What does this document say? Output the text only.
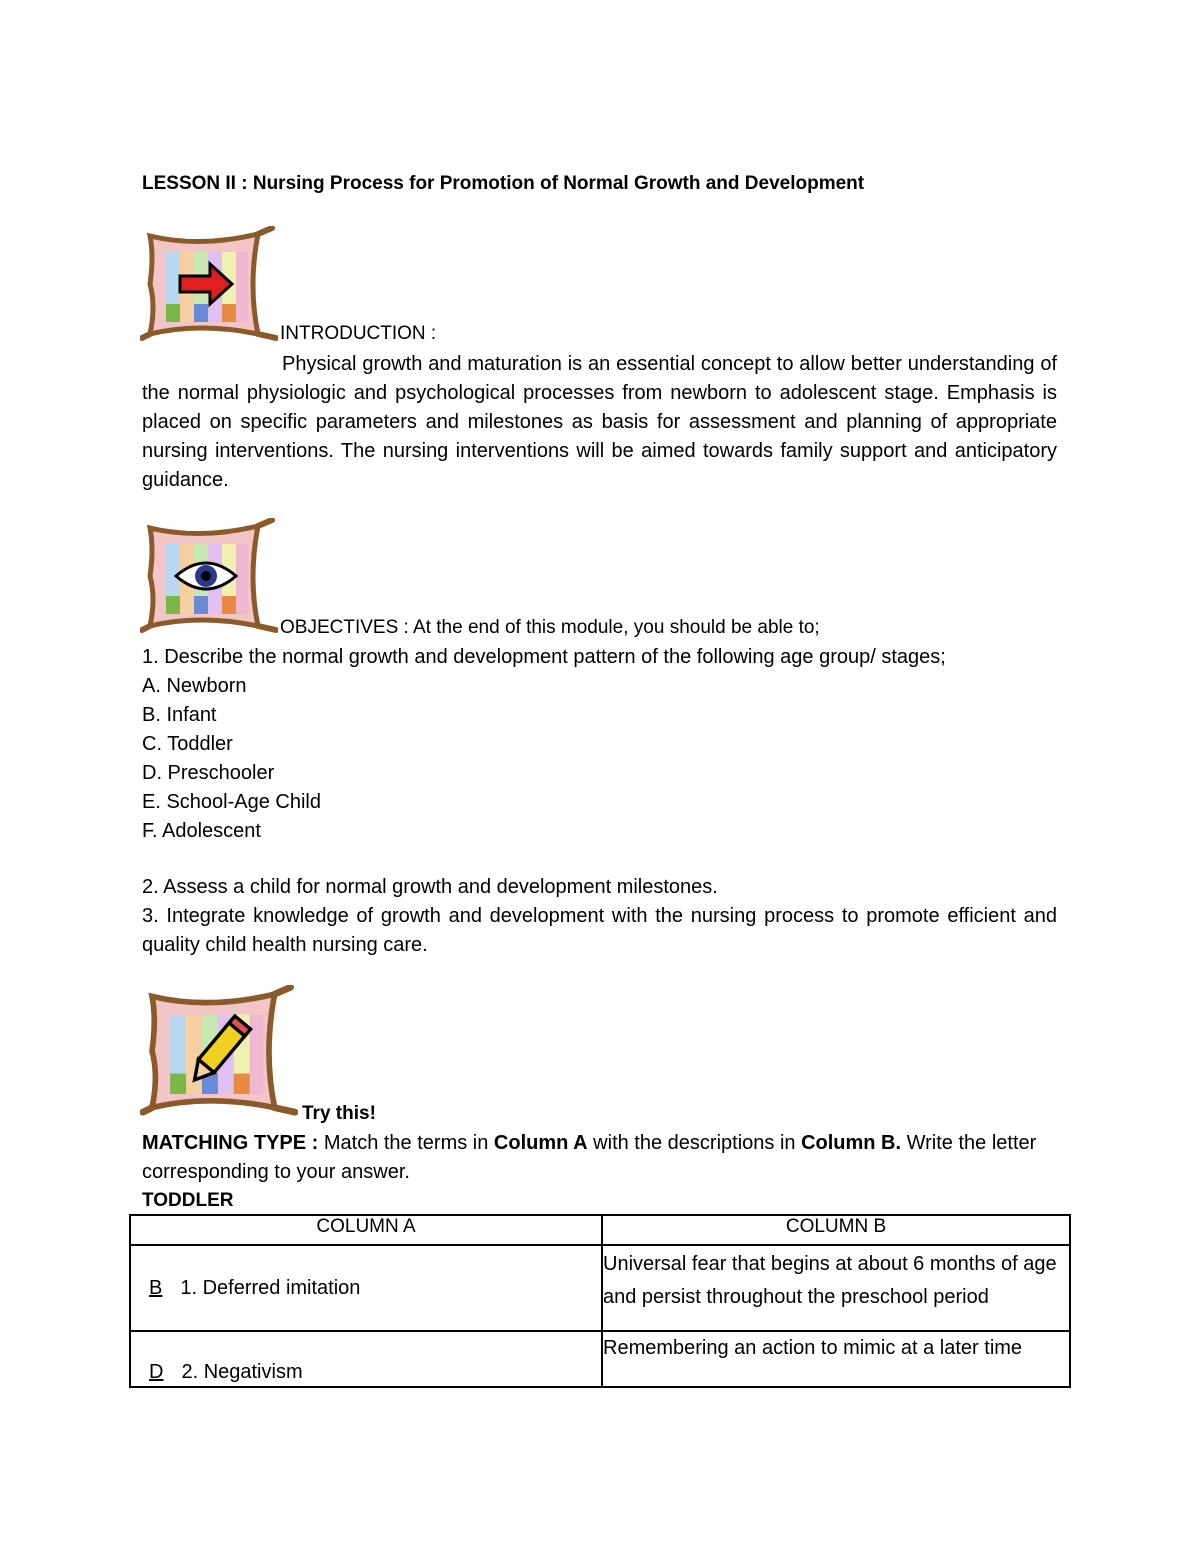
LESSON II : Nursing Process for Promotion of Normal Growth and Development
INTRODUCTION :
Physical growth and maturation is an essential concept to allow better understanding of the normal physiologic and psychological processes from newborn to adolescent stage. Emphasis is placed on specific parameters and milestones as basis for assessment and planning of appropriate nursing interventions. The nursing interventions will be aimed towards family support and anticipatory guidance.
OBJECTIVES : At the end of this module, you should be able to;
1. Describe the normal growth and development pattern of the following age group/ stages;
A. Newborn
B. Infant
C. Toddler
D. Preschooler
E. School-Age Child
F. Adolescent
2. Assess a child for normal growth and development milestones.
3. Integrate knowledge of growth and development with the nursing process to promote efficient and quality child health nursing care.
Try this!
MATCHING TYPE : Match the terms in Column A with the descriptions in Column B. Write the letter corresponding to your answer.
TODDLER
COLUMN A	COLUMN B
B 1. Deferred imitation	Universal fear that begins at about 6 months of age and persist throughout the preschool period
D 2. Negativism	Remembering an action to mimic at a later time
